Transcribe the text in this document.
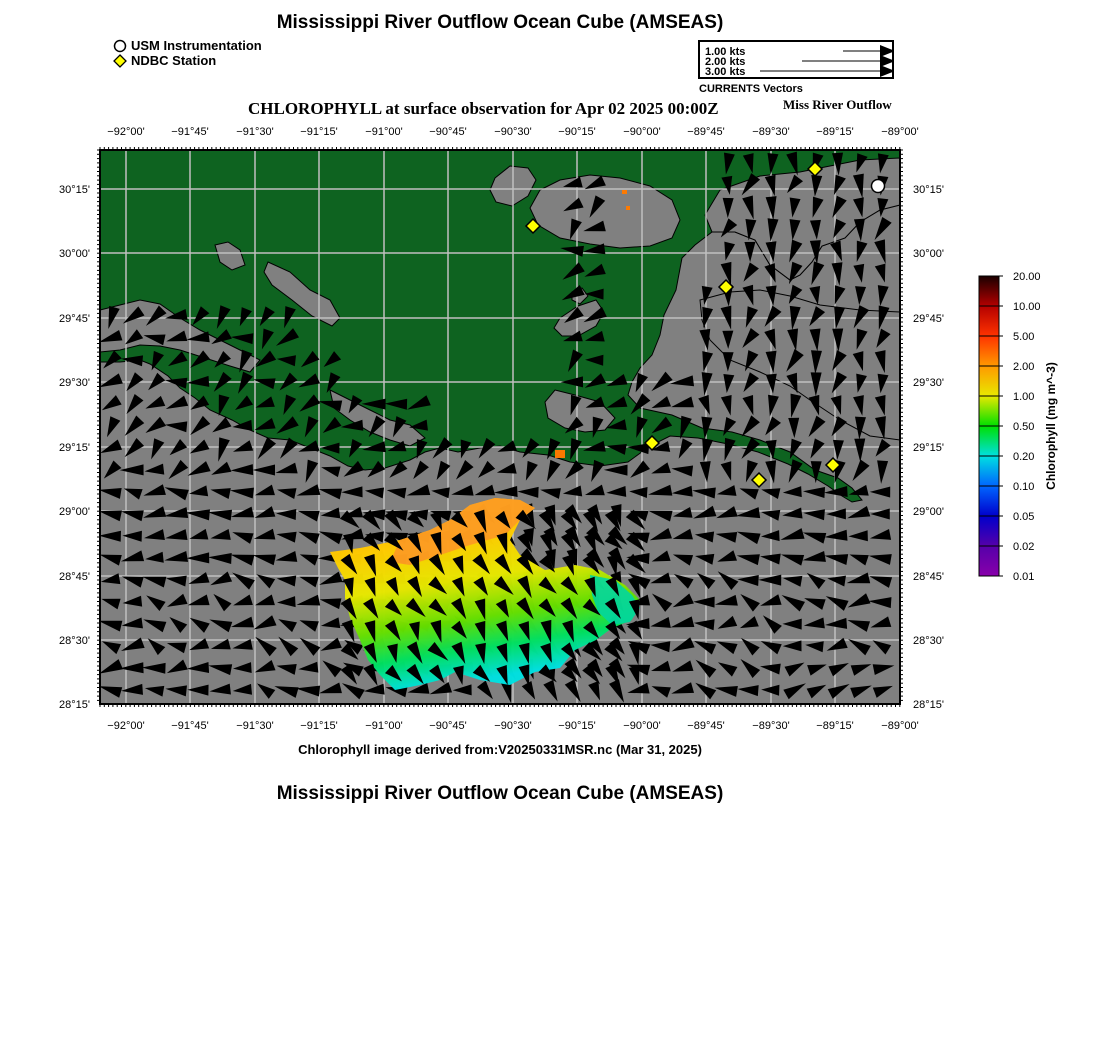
Mississippi River Outflow Ocean Cube (AMSEAS)
USM Instrumentation
NDBC Station
1.00 kts
2.00 kts
3.00 kts
CURRENTS Vectors
CHLOROPHYLL at surface observation for Apr 02 2025 00:00Z	Miss River Outflow
−92°00' −91°45'	−91°30' −91°15'	−91°00' −90°45'	−90°30' −90°15'	−90°00' −89°45'	−89°30' −89°15'	−89°00'
−92°00' −91°45'	−91°30' −91°15'	−91°00' −90°45'	−90°30' −90°15'	−90°00' −89°45'	−89°30' −89°15'	−89°00'
30°15'
30°00'
29°45'
29°30'
29°15'
29°00'
28°45'
28°30'
28°15'
30°15'
30°00'
29°45'
29°30'
29°15'
29°00'
28°45'
28°30'
28°15'
20.00
10.00
5.00
2.00
1.00
0.50
0.20
0.10
0.05
0.02
0.01
Chlorophyll (mg m^-3)
Chlorophyll image derived from:V20250331MSR.nc (Mar 31, 2025)
Mississippi River Outflow Ocean Cube (AMSEAS)
